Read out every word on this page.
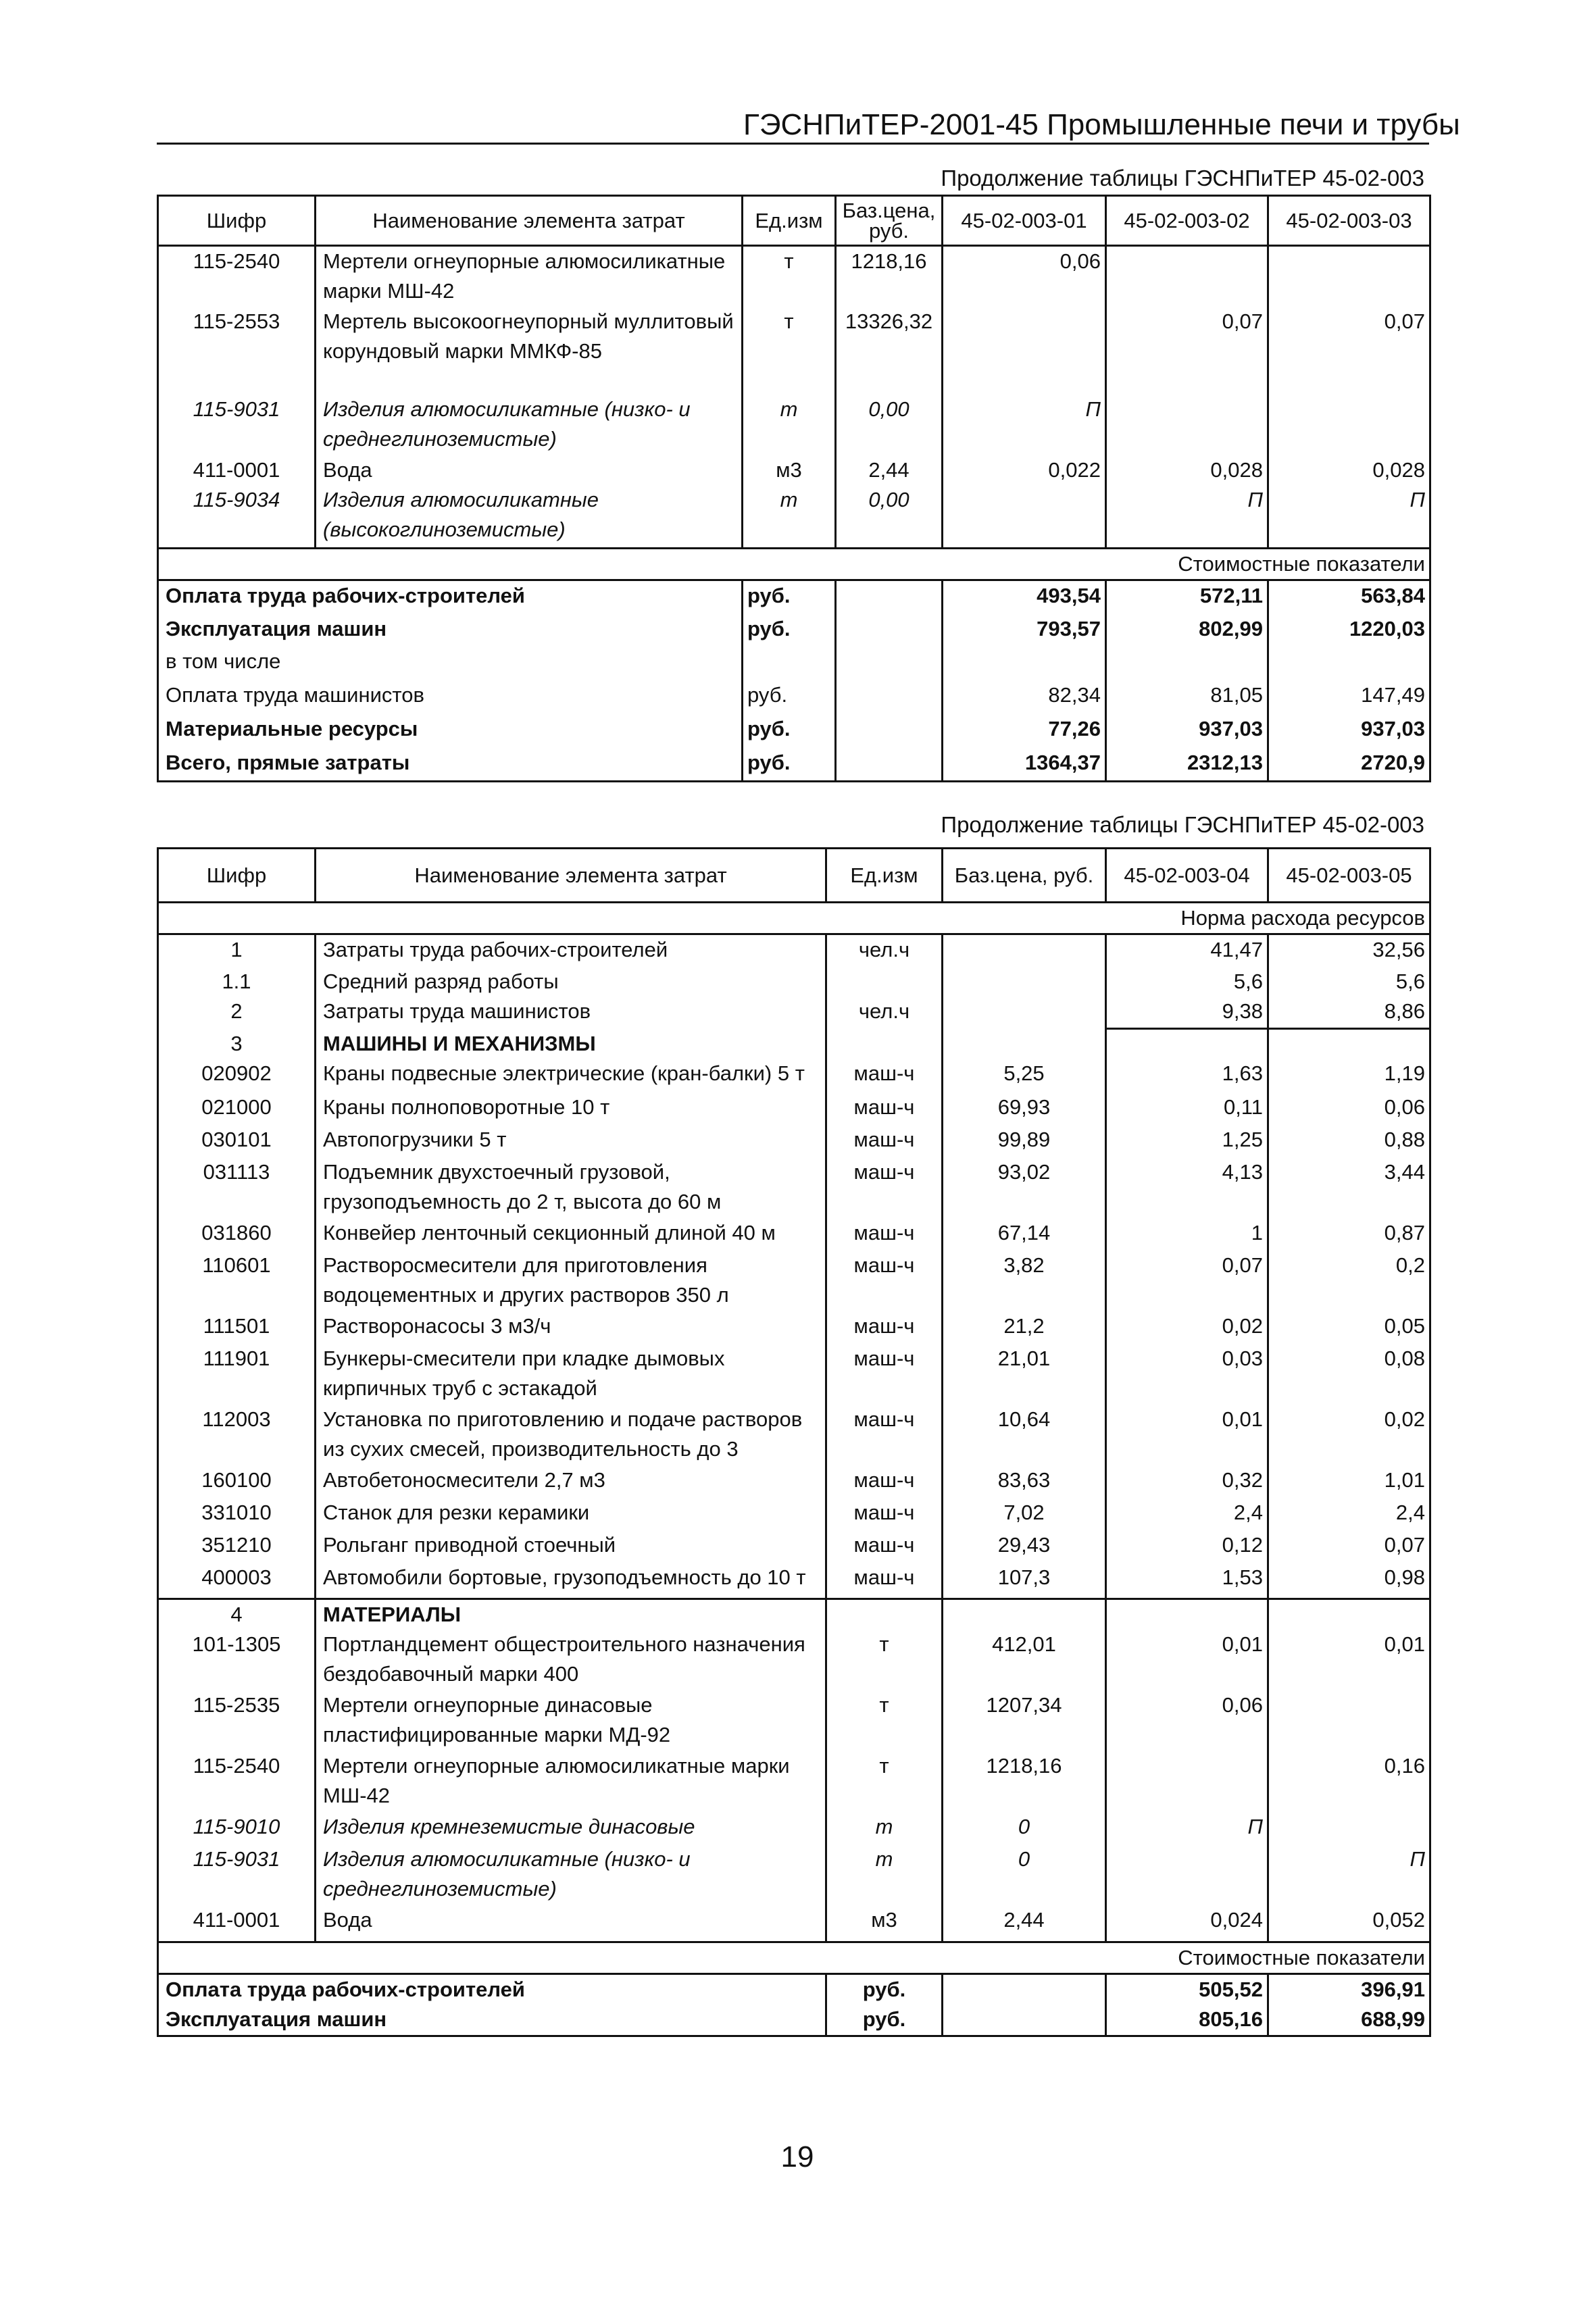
ГЭСНПиТЕР-2001-45 Промышленные печи и трубы
Продолжение таблицы ГЭСНПиТЕР 45-02-003
Шифр	Наименование элемента затрат	Ед.изм	Баз.цена, руб.	45-02-003-01	45-02-003-02	45-02-003-03
115-2540	Мертели огнеупорные алюмосиликатные марки МШ-42	т	1218,16	0,06		
115-2553	Мертель высокоогнеупорный муллитовый корундовый марки ММКФ-85	т	13326,32		0,07	0,07
115-9031	Изделия алюмосиликатные (низко- и среднеглиноземистые)	т	0,00	П		
411-0001	Вода	м3	2,44	0,022	0,028	0,028
115-9034	Изделия алюмосиликатные (высокоглиноземистые)	т	0,00		П	П
Стоимостные показатели						
Оплата труда рабочих-строителей		руб.		493,54	572,11	563,84
Эксплуатация машин		руб.		793,57	802,99	1220,03
в том числе						
Оплата труда машинистов		руб.		82,34	81,05	147,49
Материальные ресурсы		руб.		77,26	937,03	937,03
Всего, прямые затраты		руб.		1364,37	2312,13	2720,9
Продолжение таблицы ГЭСНПиТЕР 45-02-003
Шифр	Наименование элемента затрат	Ед.изм	Баз.цена, руб.	45-02-003-04	45-02-003-05
Норма расхода ресурсов					
1	Затраты труда рабочих-строителей	чел.ч		41,47	32,56
1.1	Средний разряд работы			5,6	5,6
2	Затраты труда машинистов	чел.ч		9,38	8,86
3	МАШИНЫ И МЕХАНИЗМЫ				
020902	Краны подвесные электрические (кран-балки) 5 т	маш-ч	5,25	1,63	1,19
021000	Краны полноповоротные 10 т	маш-ч	69,93	0,11	0,06
030101	Автопогрузчики 5 т	маш-ч	99,89	1,25	0,88
031113	Подъемник двухстоечный грузовой, грузоподъемность до 2 т, высота до 60 м	маш-ч	93,02	4,13	3,44
031860	Конвейер ленточный секционный длиной 40 м	маш-ч	67,14	1	0,87
110601	Растворосмесители для приготовления водоцементных и других растворов 350 л	маш-ч	3,82	0,07	0,2
111501	Растворонасосы 3 м3/ч	маш-ч	21,2	0,02	0,05
111901	Бункеры-смесители при кладке дымовых кирпичных труб с эстакадой	маш-ч	21,01	0,03	0,08
112003	Установка по приготовлению и подаче растворов из сухих смесей, производительность до 3	маш-ч	10,64	0,01	0,02
160100	Автобетоносмесители 2,7 м3	маш-ч	83,63	0,32	1,01
331010	Станок для резки керамики	маш-ч	7,02	2,4	2,4
351210	Рольганг приводной стоечный	маш-ч	29,43	0,12	0,07
400003	Автомобили бортовые, грузоподъемность до 10 т	маш-ч	107,3	1,53	0,98
4	МАТЕРИАЛЫ				
101-1305	Портландцемент общестроительного назначения бездобавочный марки 400	т	412,01	0,01	0,01
115-2535	Мертели огнеупорные динасовые пластифицированные марки МД-92	т	1207,34	0,06	
115-2540	Мертели огнеупорные алюмосиликатные марки МШ-42	т	1218,16		0,16
115-9010	Изделия кремнеземистые динасовые	т	0	П	
115-9031	Изделия алюмосиликатные (низко- и среднеглиноземистые)	т	0		П
411-0001	Вода	м3	2,44	0,024	0,052
Стоимостные показатели					
Оплата труда рабочих-строителей		руб.		505,52	396,91
Эксплуатация машин		руб.		805,16	688,99
19
